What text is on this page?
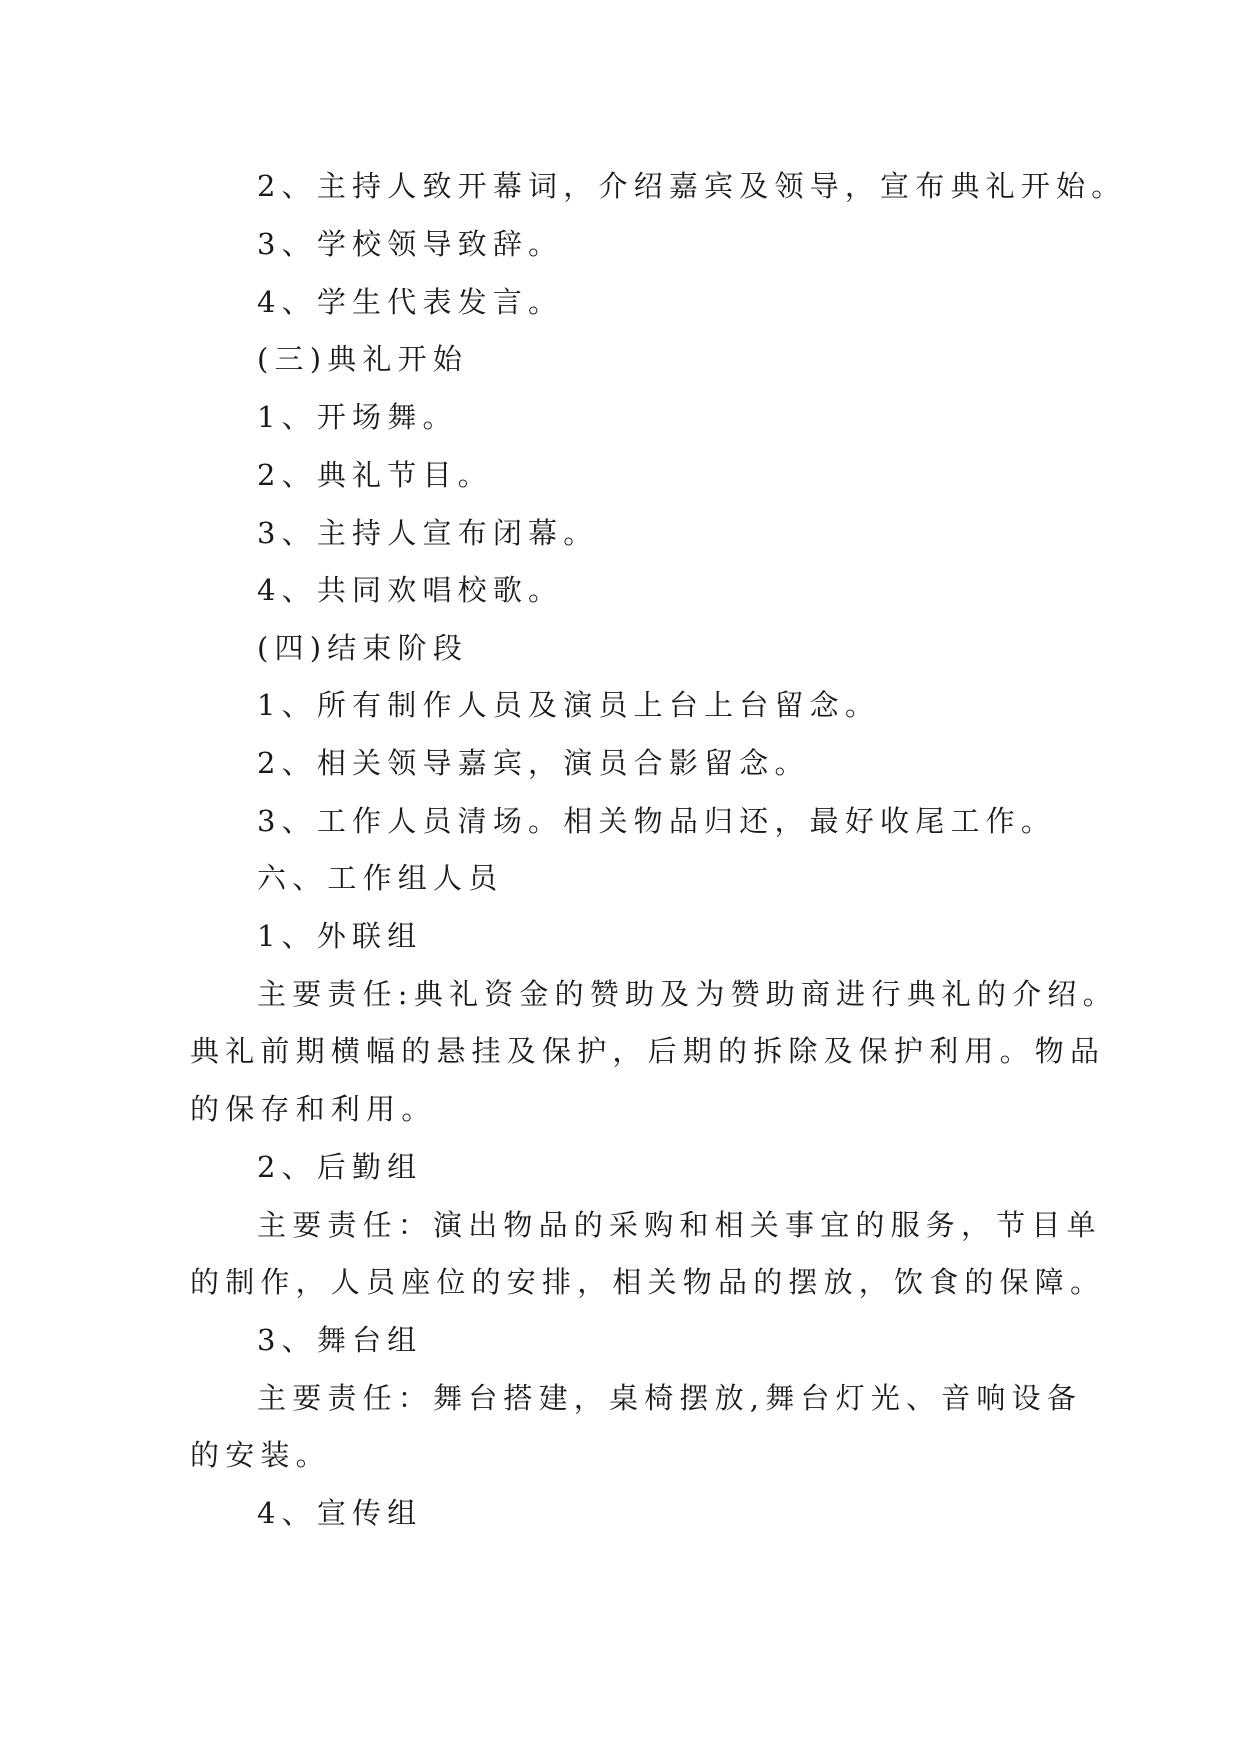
2、主持人致开幕词，介绍嘉宾及领导，宣布典礼开始。
3、学校领导致辞。
4、学生代表发言。
(三)典礼开始
1、开场舞。
2、典礼节目。
3、主持人宣布闭幕。
4、共同欢唱校歌。
(四)结束阶段
1、所有制作人员及演员上台上台留念。
2、相关领导嘉宾，演员合影留念。
3、工作人员清场。相关物品归还，最好收尾工作。
六、工作组人员
1、外联组
主要责任:典礼资金的赞助及为赞助商进行典礼的介绍。
典礼前期横幅的悬挂及保护，后期的拆除及保护利用。物品
的保存和利用。
2、后勤组
主要责任：演出物品的采购和相关事宜的服务，节目单
的制作，人员座位的安排，相关物品的摆放，饮食的保障。
3、舞台组
主要责任：舞台搭建，桌椅摆放,舞台灯光、音响设备
的安装。
4、宣传组
